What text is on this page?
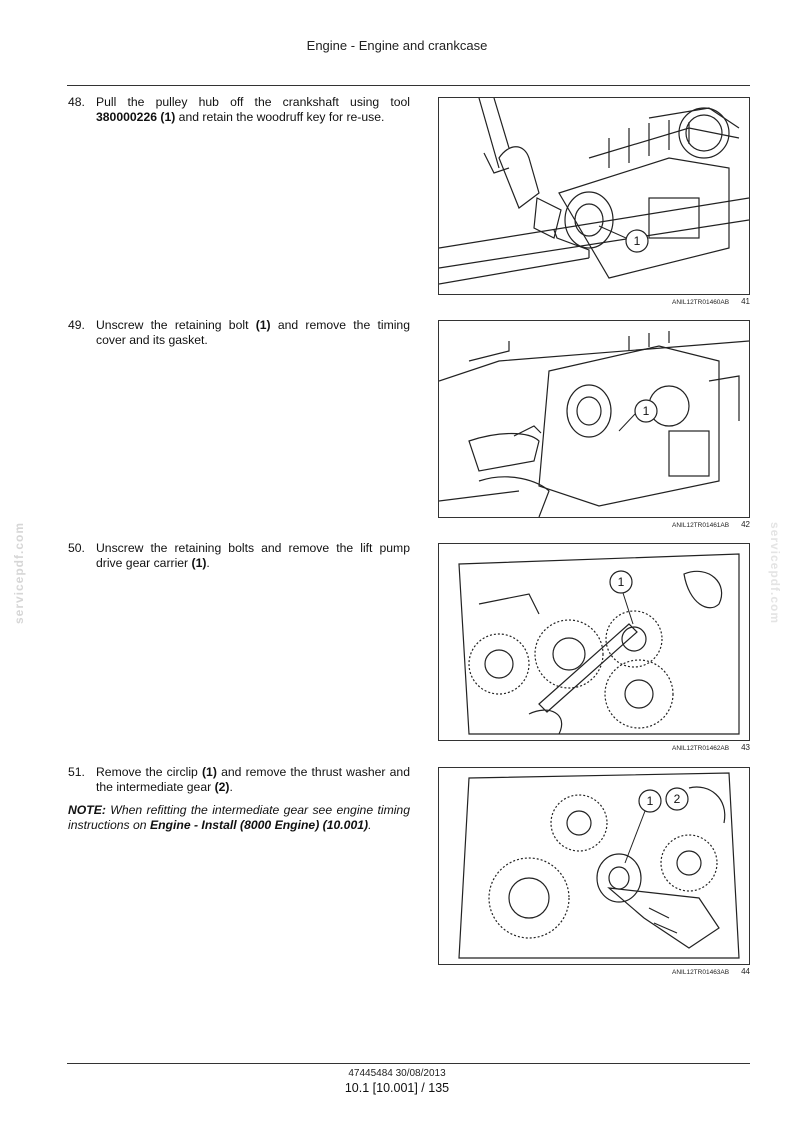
Engine - Engine and crankcase
48. Pull the pulley hub off the crankshaft using tool 380000226 (1) and retain the woodruff key for re-use.
1
ANIL12TR01460AB 41
49. Unscrew the retaining bolt (1) and remove the timing cover and its gasket.
1
ANIL12TR01461AB 42
50. Unscrew the retaining bolts and remove the lift pump drive gear carrier (1).
1
ANIL12TR01462AB 43
51. Remove the circlip (1) and remove the thrust washer and the intermediate gear (2).
NOTE: When refitting the intermediate gear see engine timing instructions on Engine - Install (8000 Engine) (10.001).
1 2
ANIL12TR01463AB 44
servicepdf.com	servicepdf.com
47445484 30/08/2013
10.1 [10.001] / 135
